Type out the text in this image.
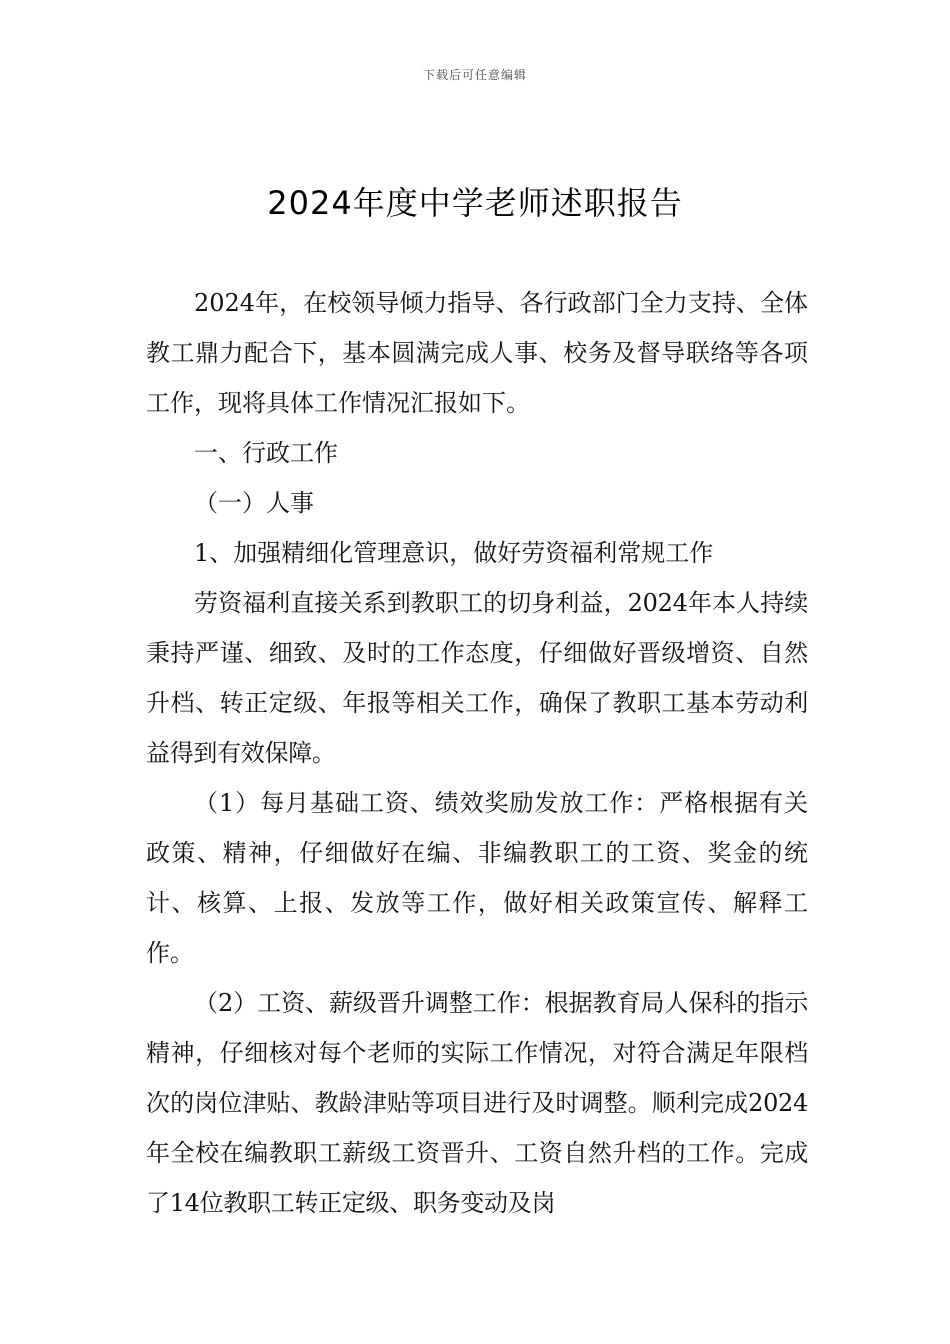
下载后可任意编辑
2024年度中学老师述职报告

2024年，在校领导倾力指导、各行政部门全力支持、全体教工鼎力配合下，基本圆满完成人事、校务及督导联络等各项工作，现将具体工作情况汇报如下。

一、行政工作

（一）人事

1、加强精细化管理意识，做好劳资福利常规工作

劳资福利直接关系到教职工的切身利益，2024年本人持续秉持严谨、细致、及时的工作态度，仔细做好晋级增资、自然升档、转正定级、年报等相关工作，确保了教职工基本劳动利益得到有效保障。

（1）每月基础工资、绩效奖励发放工作：严格根据有关政策、精神，仔细做好在编、非编教职工的工资、奖金的统计、核算、上报、发放等工作，做好相关政策宣传、解释工作。

（2）工资、薪级晋升调整工作：根据教育局人保科的指示精神，仔细核对每个老师的实际工作情况，对符合满足年限档次的岗位津贴、教龄津贴等项目进行及时调整。顺利完成2024年全校在编教职工薪级工资晋升、工资自然升档的工作。完成了14位教职工转正定级、职务变动及岗
